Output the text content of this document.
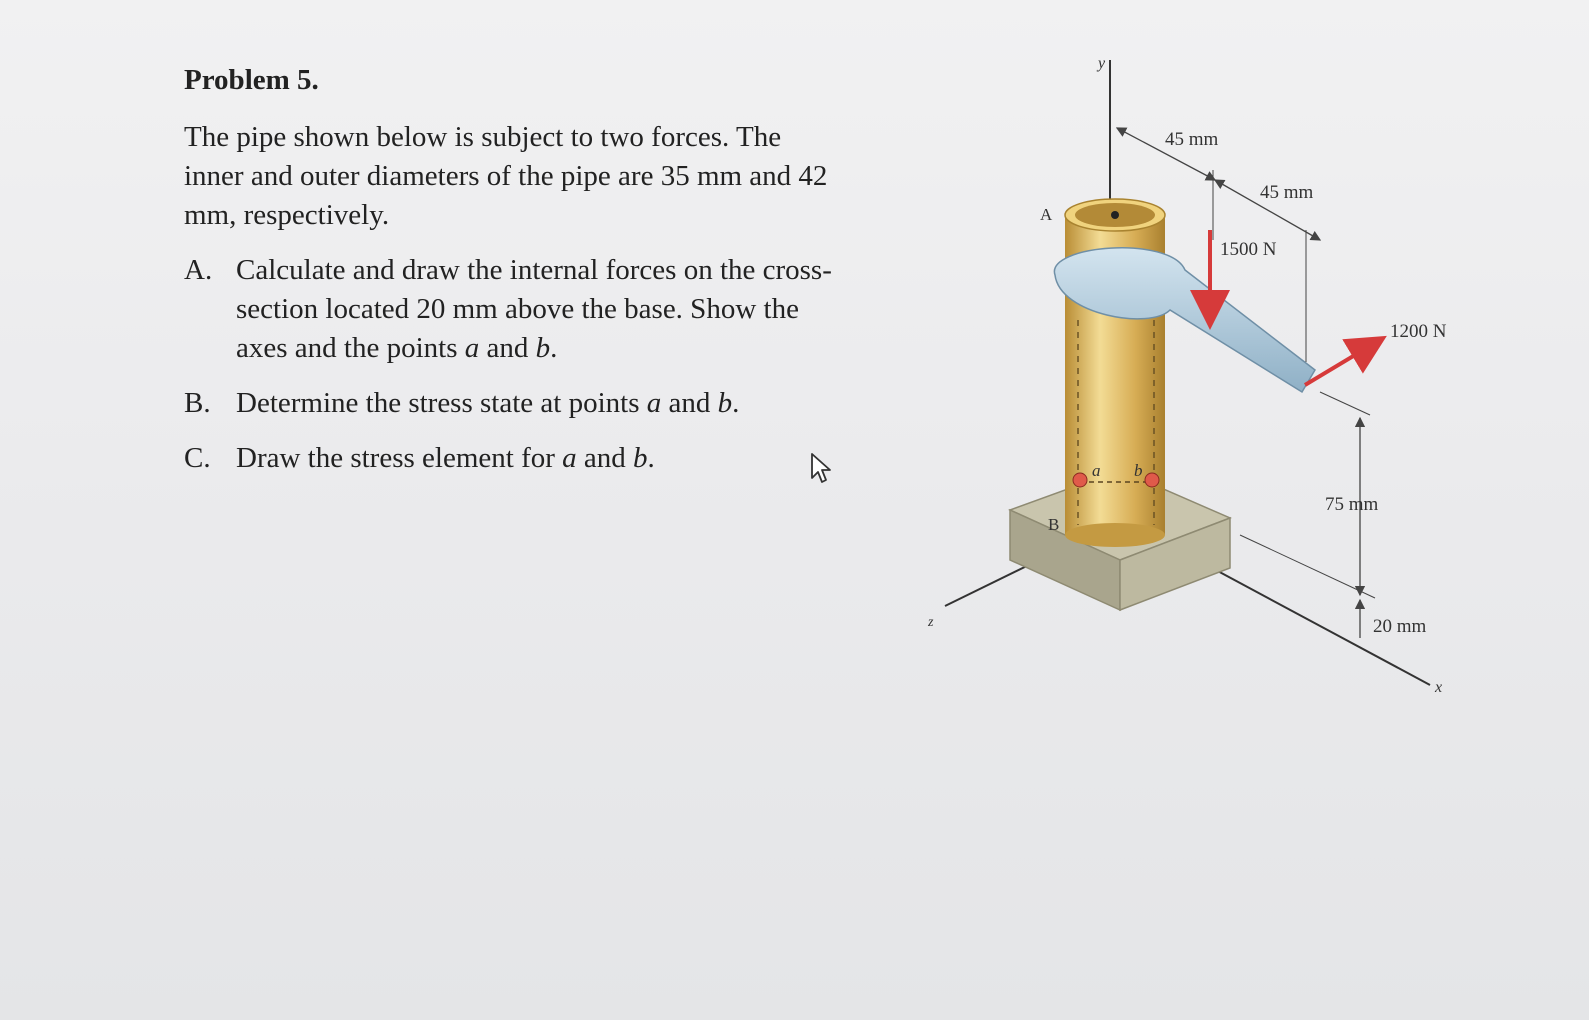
Problem 5.

The pipe shown below is subject to two forces. The inner and outer diameters of the pipe are 35 mm and 42 mm, respectively.

A. Calculate and draw the internal forces on the cross-section located 20 mm above the base. Show the axes and the points a and b.
B. Determine the stress state at points a and b.
C. Draw the stress element for a and b.
y
z
x
A
B
a b
45 mm
45 mm
1500 N
1200 N
75 mm
20 mm
